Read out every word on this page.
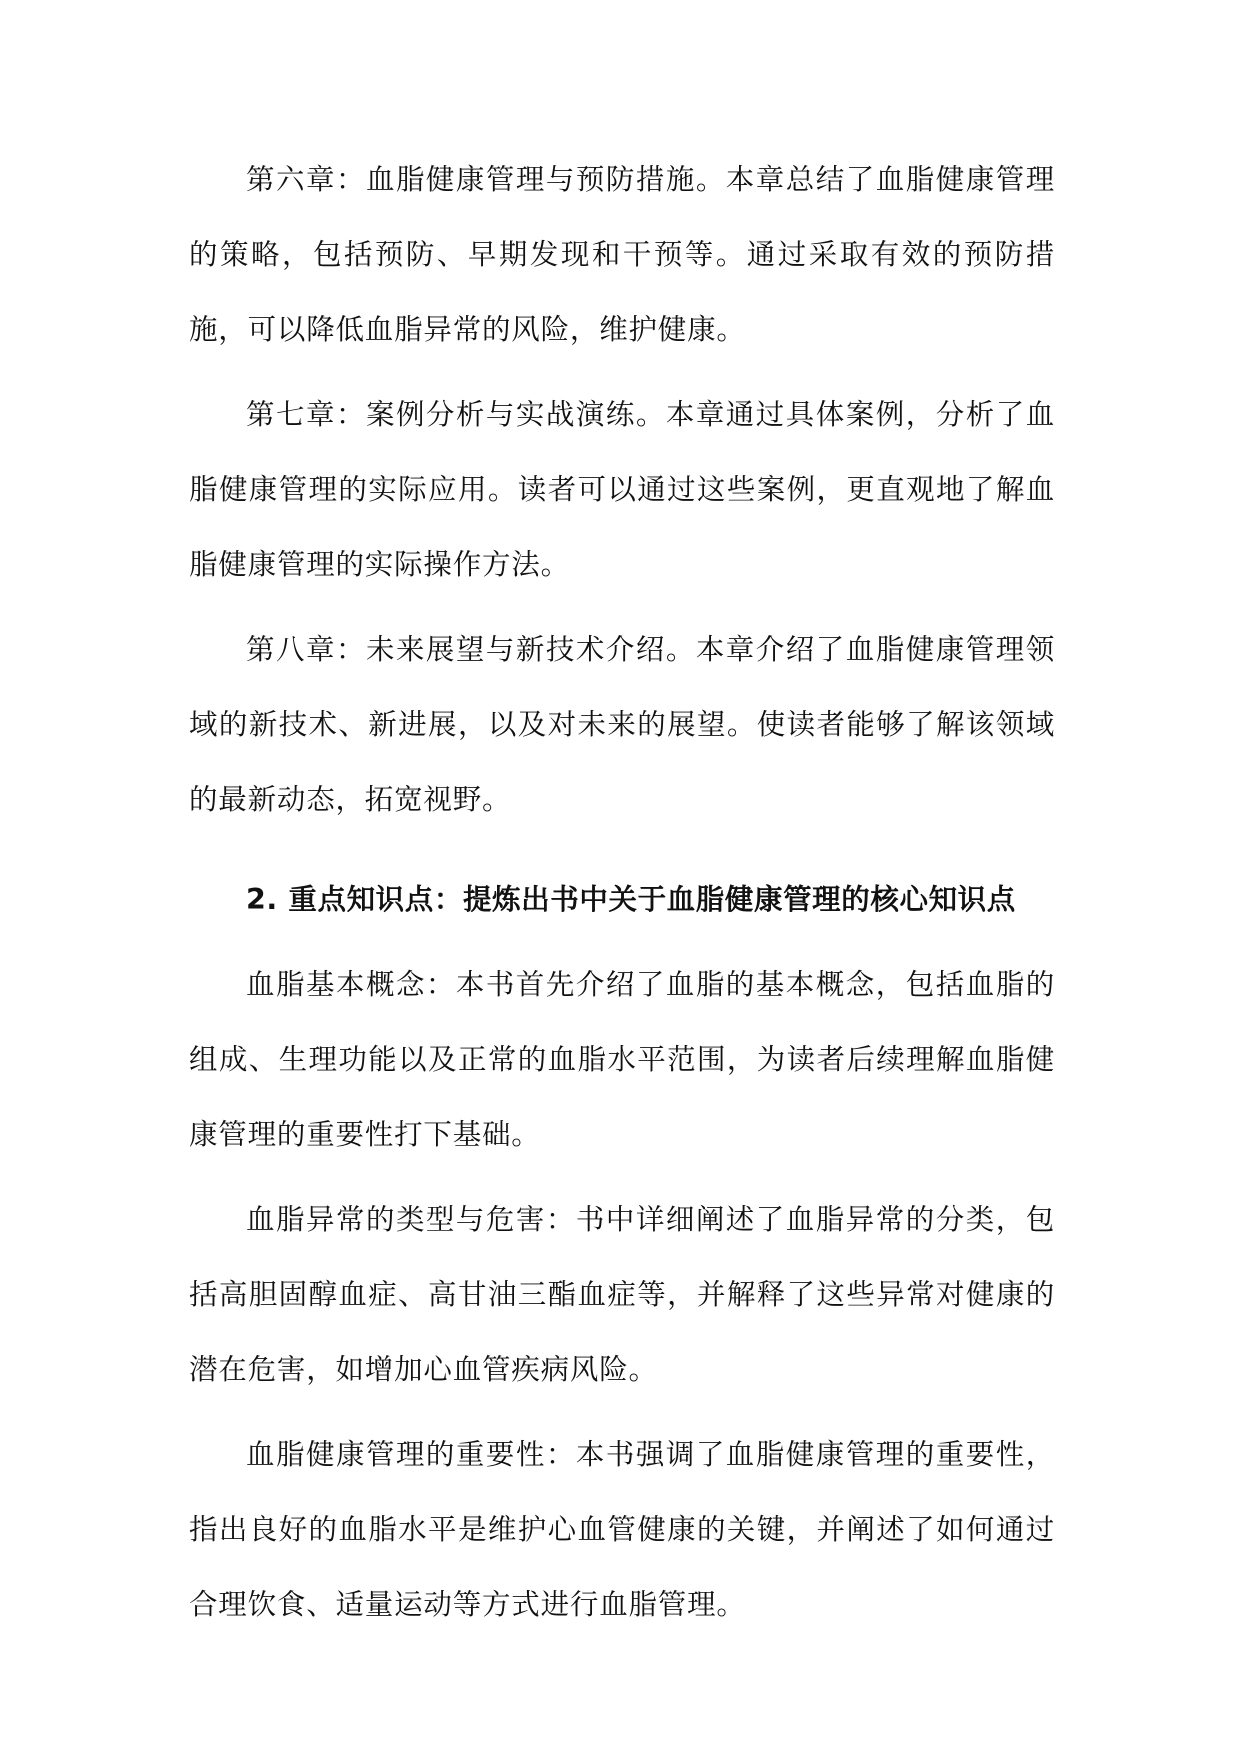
第六章：血脂健康管理与预防措施。本章总结了血脂健康管理的策略，包括预防、早期发现和干预等。通过采取有效的预防措施，可以降低血脂异常的风险，维护健康。

第七章：案例分析与实战演练。本章通过具体案例，分析了血脂健康管理的实际应用。读者可以通过这些案例，更直观地了解血脂健康管理的实际操作方法。

第八章：未来展望与新技术介绍。本章介绍了血脂健康管理领域的新技术、新进展，以及对未来的展望。使读者能够了解该领域的最新动态，拓宽视野。

2. 重点知识点：提炼出书中关于血脂健康管理的核心知识点

血脂基本概念：本书首先介绍了血脂的基本概念，包括血脂的组成、生理功能以及正常的血脂水平范围，为读者后续理解血脂健康管理的重要性打下基础。

血脂异常的类型与危害：书中详细阐述了血脂异常的分类，包括高胆固醇血症、高甘油三酯血症等，并解释了这些异常对健康的潜在危害，如增加心血管疾病风险。

血脂健康管理的重要性：本书强调了血脂健康管理的重要性，指出良好的血脂水平是维护心血管健康的关键，并阐述了如何通过合理饮食、适量运动等方式进行血脂管理。
